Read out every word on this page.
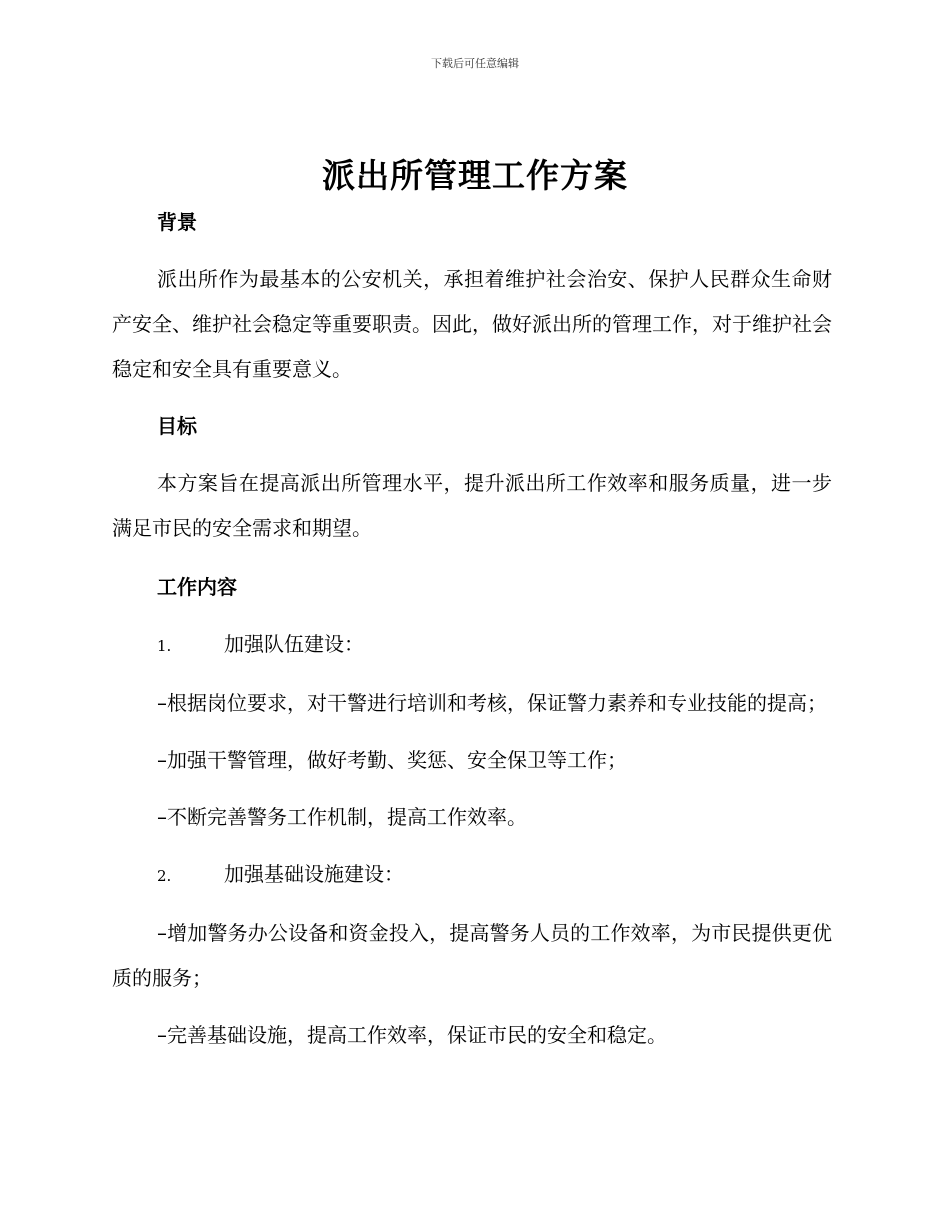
下载后可任意编辑
派出所管理工作方案

背景

派出所作为最基本的公安机关，承担着维护社会治安、保护人民群众生命财产安全、维护社会稳定等重要职责。因此，做好派出所的管理工作，对于维护社会稳定和安全具有重要意义。

目标

本方案旨在提高派出所管理水平，提升派出所工作效率和服务质量，进一步满足市民的安全需求和期望。

工作内容

1.	加强队伍建设：

–根据岗位要求，对干警进行培训和考核，保证警力素养和专业技能的提高；

–加强干警管理，做好考勤、奖惩、安全保卫等工作；

–不断完善警务工作机制，提高工作效率。

2.	加强基础设施建设：

–增加警务办公设备和资金投入，提高警务人员的工作效率，为市民提供更优质的服务；

–完善基础设施，提高工作效率，保证市民的安全和稳定。
